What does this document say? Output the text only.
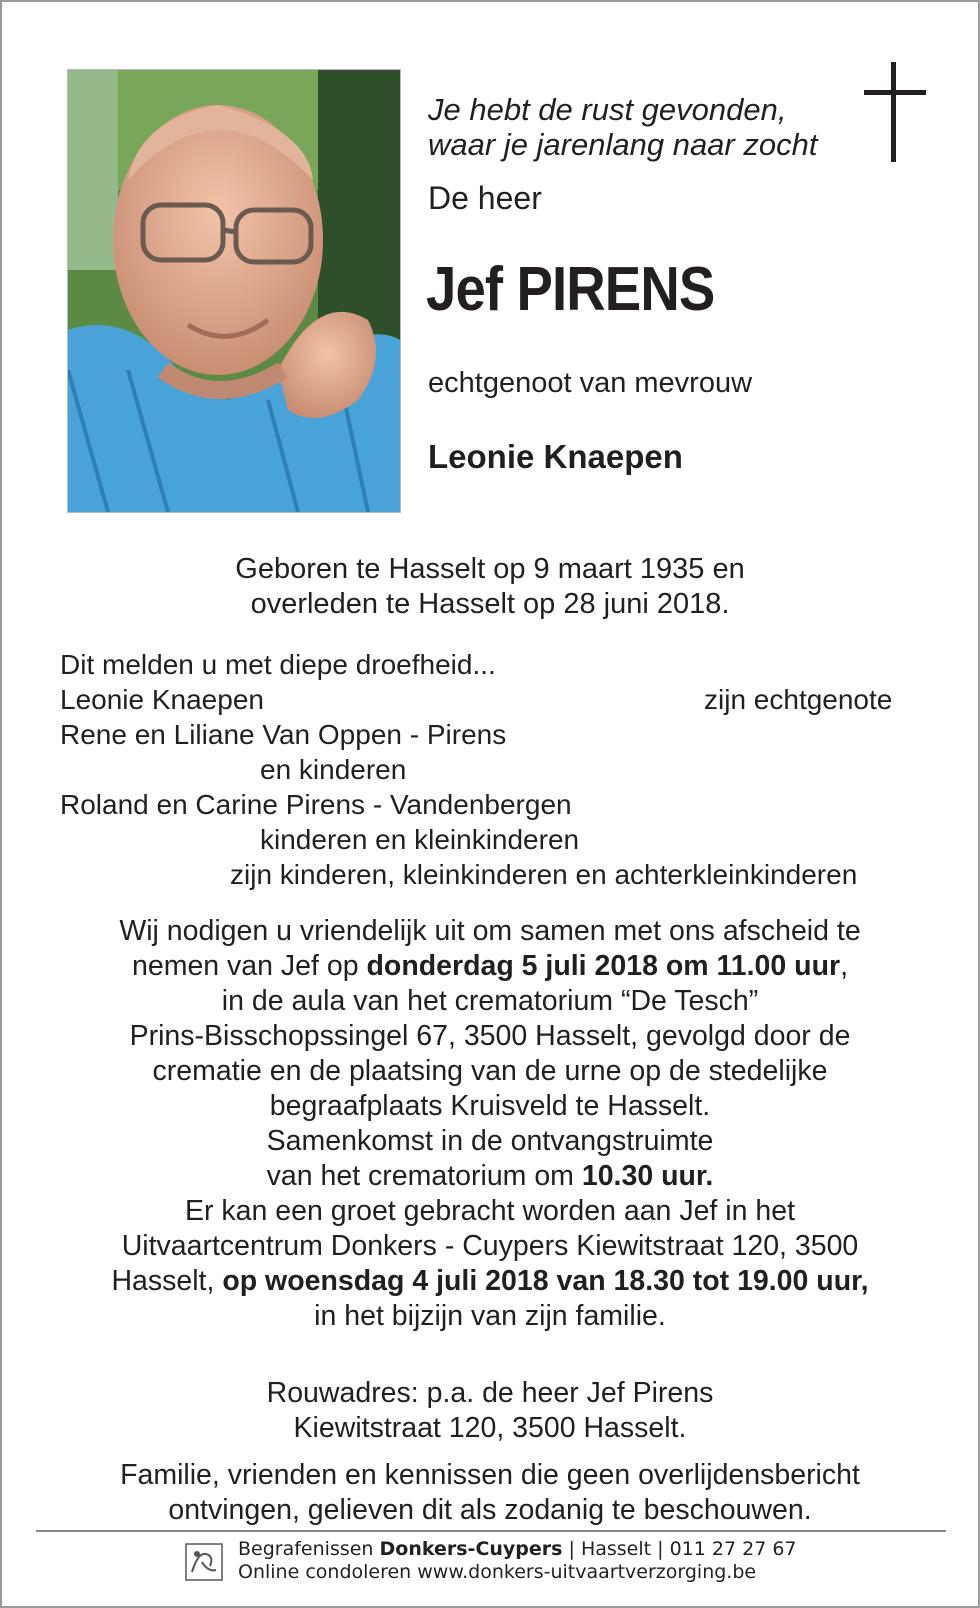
Je hebt de rust gevonden,
waar je jarenlang naar zocht
De heer
Jef PIRENS
echtgenoot van mevrouw
Leonie Knaepen
Geboren te Hasselt op 9 maart 1935 en
overleden te Hasselt op 28 juni 2018.
Dit melden u met diepe droefheid...
Leonie Knaepen	zijn echtgenote
Rene en Liliane Van Oppen - Pirens
en kinderen
Roland en Carine Pirens - Vandenbergen
kinderen en kleinkinderen
zijn kinderen, kleinkinderen en achterkleinkinderen
Wij nodigen u vriendelijk uit om samen met ons afscheid te
nemen van Jef op donderdag 5 juli 2018 om 11.00 uur,
in de aula van het crematorium “De Tesch”
Prins-Bisschopssingel 67, 3500 Hasselt, gevolgd door de
crematie en de plaatsing van de urne op de stedelijke
begraafplaats Kruisveld te Hasselt.
Samenkomst in de ontvangstruimte
van het crematorium om 10.30 uur.
Er kan een groet gebracht worden aan Jef in het
Uitvaartcentrum Donkers - Cuypers Kiewitstraat 120, 3500
Hasselt, op woensdag 4 juli 2018 van 18.30 tot 19.00 uur,
in het bijzijn van zijn familie.
Rouwadres: p.a. de heer Jef Pirens
Kiewitstraat 120, 3500 Hasselt.
Familie, vrienden en kennissen die geen overlijdensbericht
ontvingen, gelieven dit als zodanig te beschouwen.
Begrafenissen Donkers-Cuypers | Hasselt | 011 27 27 67
Online condoleren www.donkers-uitvaartverzorging.be
